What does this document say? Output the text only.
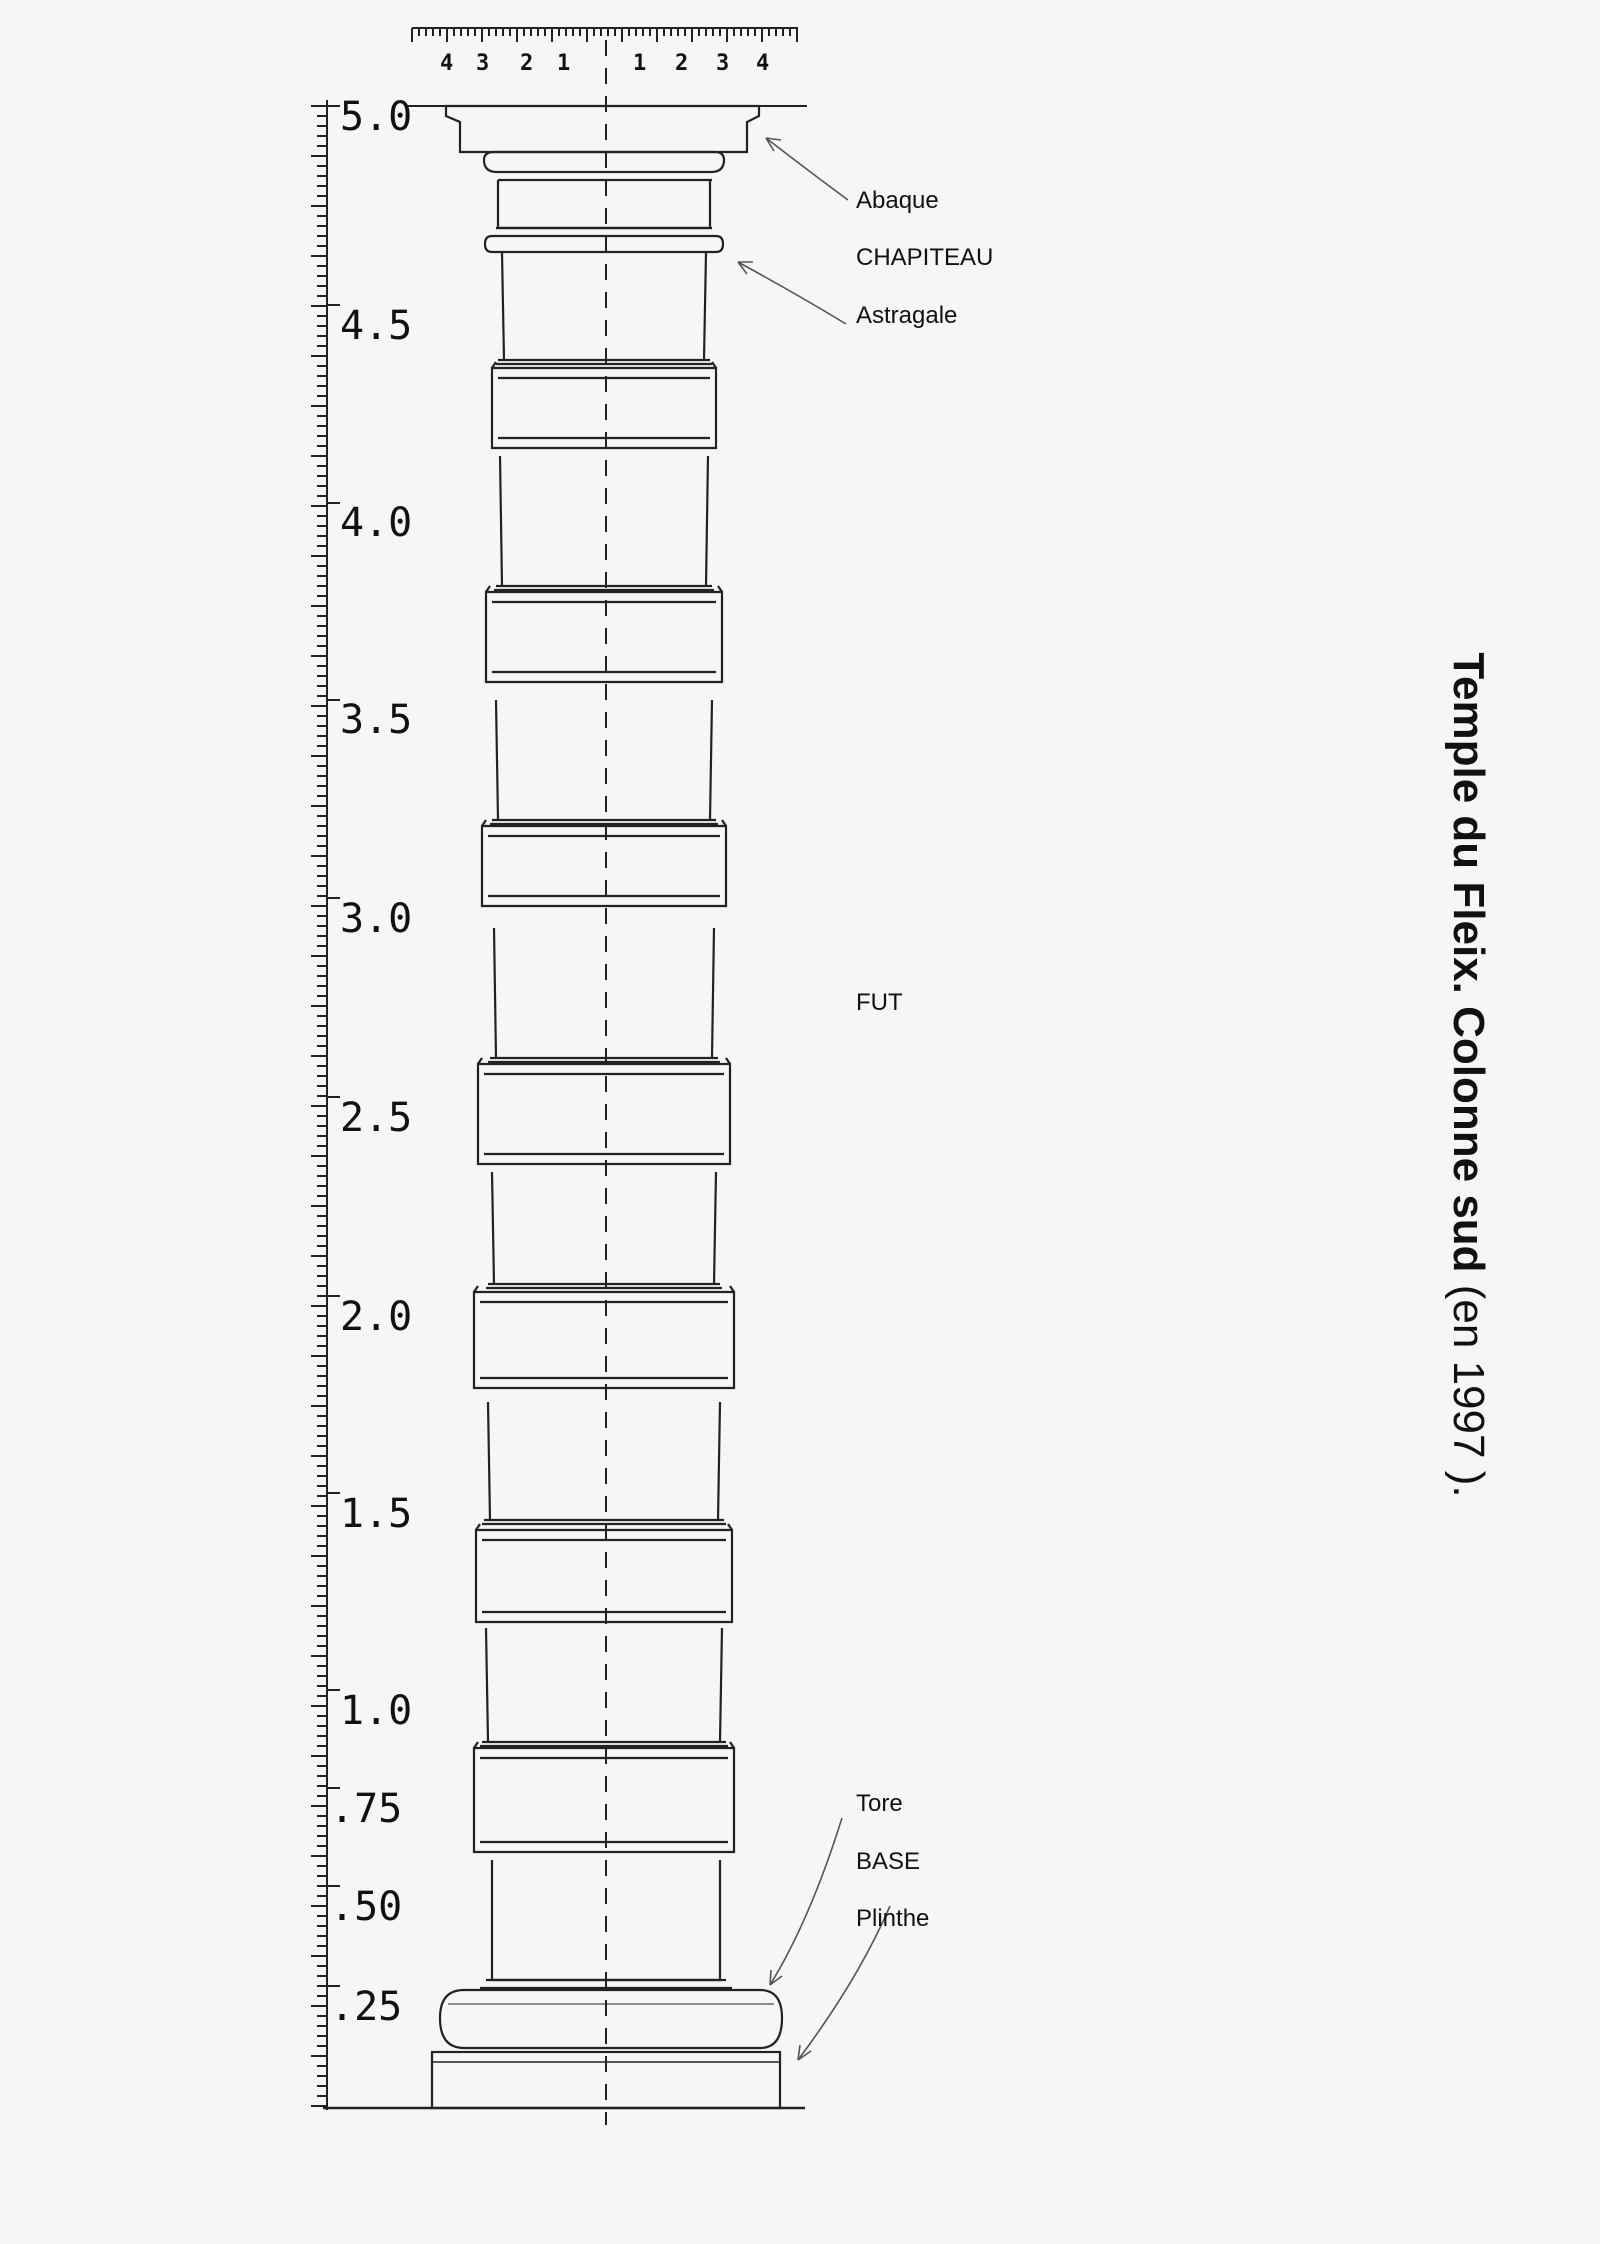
5.0
4.5
4.0
3.5
3.0
2.5
2.0
1.5
1.0
.75
.50
.25
4 3 2 1	1 2 3 4
Abaque
CHAPITEAU
Astragale
FUT
Tore
BASE
Plinthe
Temple du Fleix. Colonne sud (en 1997 ).
